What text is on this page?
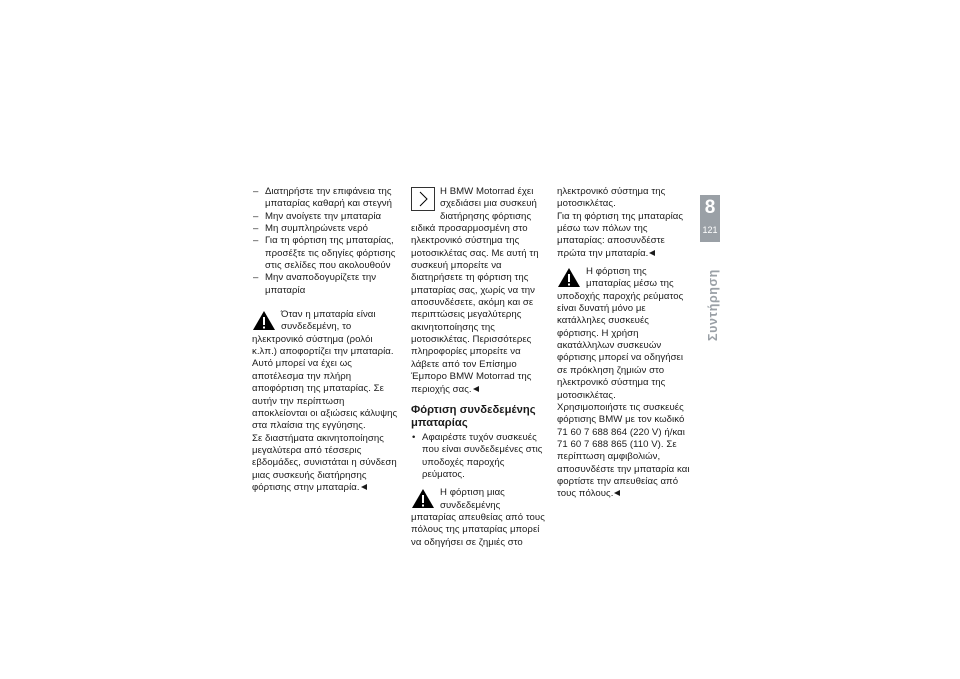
– Διατηρήστε την επιφάνεια της μπαταρίας καθαρή και στεγνή
– Μην ανοίγετε την μπαταρία
– Μη συμπληρώνετε νερό
– Για τη φόρτιση της μπαταρίας, προσέξτε τις οδηγίες φόρτισης στις σελίδες που ακολουθούν
– Μην αναποδογυρίζετε την μπαταρία
Όταν η μπαταρία είναι συνδεδεμένη, το ηλεκτρονικό σύστημα (ρολόι κ.λπ.) αποφορτίζει την μπαταρία. Αυτό μπορεί να έχει ως αποτέλεσμα την πλήρη αποφόρτιση της μπαταρίας. Σε αυτήν την περίπτωση αποκλείονται οι αξιώσεις κάλυψης στα πλαίσια της εγγύησης.
Σε διαστήματα ακινητοποίησης μεγαλύτερα από τέσσερις εβδομάδες, συνιστάται η σύνδεση μιας συσκευής διατήρησης φόρτισης στην μπαταρία.
Η BMW Motorrad έχει σχεδιάσει μια συσκευή διατήρησης φόρτισης ειδικά προσαρμοσμένη στο ηλεκτρονικό σύστημα της μοτοσικλέτας σας. Με αυτή τη συσκευή μπορείτε να διατηρήσετε τη φόρτιση της μπαταρίας σας, χωρίς να την αποσυνδέσετε, ακόμη και σε περιπτώσεις μεγαλύτερης ακινητοποίησης της μοτοσικλέτας. Περισσότερες πληροφορίες μπορείτε να λάβετε από τον Επίσημο Έμπορο BMW Motorrad της περιοχής σας.
Φόρτιση συνδεδεμένης μπαταρίας
• Αφαιρέστε τυχόν συσκευές που είναι συνδεδεμένες στις υποδοχές παροχής ρεύματος.
Η φόρτιση μιας συνδεδεμένης μπαταρίας απευθείας από τους πόλους της μπαταρίας μπορεί να οδηγήσει σε ζημιές στο
ηλεκτρονικό σύστημα της μοτοσικλέτας.
Για τη φόρτιση της μπαταρίας μέσω των πόλων της μπαταρίας: αποσυνδέστε πρώτα την μπαταρία.
Η φόρτιση της μπαταρίας μέσω της υποδοχής παροχής ρεύματος είναι δυνατή μόνο με κατάλληλες συσκευές φόρτισης. Η χρήση ακατάλληλων συσκευών φόρτισης μπορεί να οδηγήσει σε πρόκληση ζημιών στο ηλεκτρονικό σύστημα της μοτοσικλέτας.
Χρησιμοποιήστε τις συσκευές φόρτισης BMW με τον κωδικό 71 60 7 688 864 (220 V) ή/και 71 60 7 688 865 (110 V). Σε περίπτωση αμφιβολιών, αποσυνδέστε την μπαταρία και φορτίστε την απευθείας από τους πόλους.
8
121
Συντήρηση
